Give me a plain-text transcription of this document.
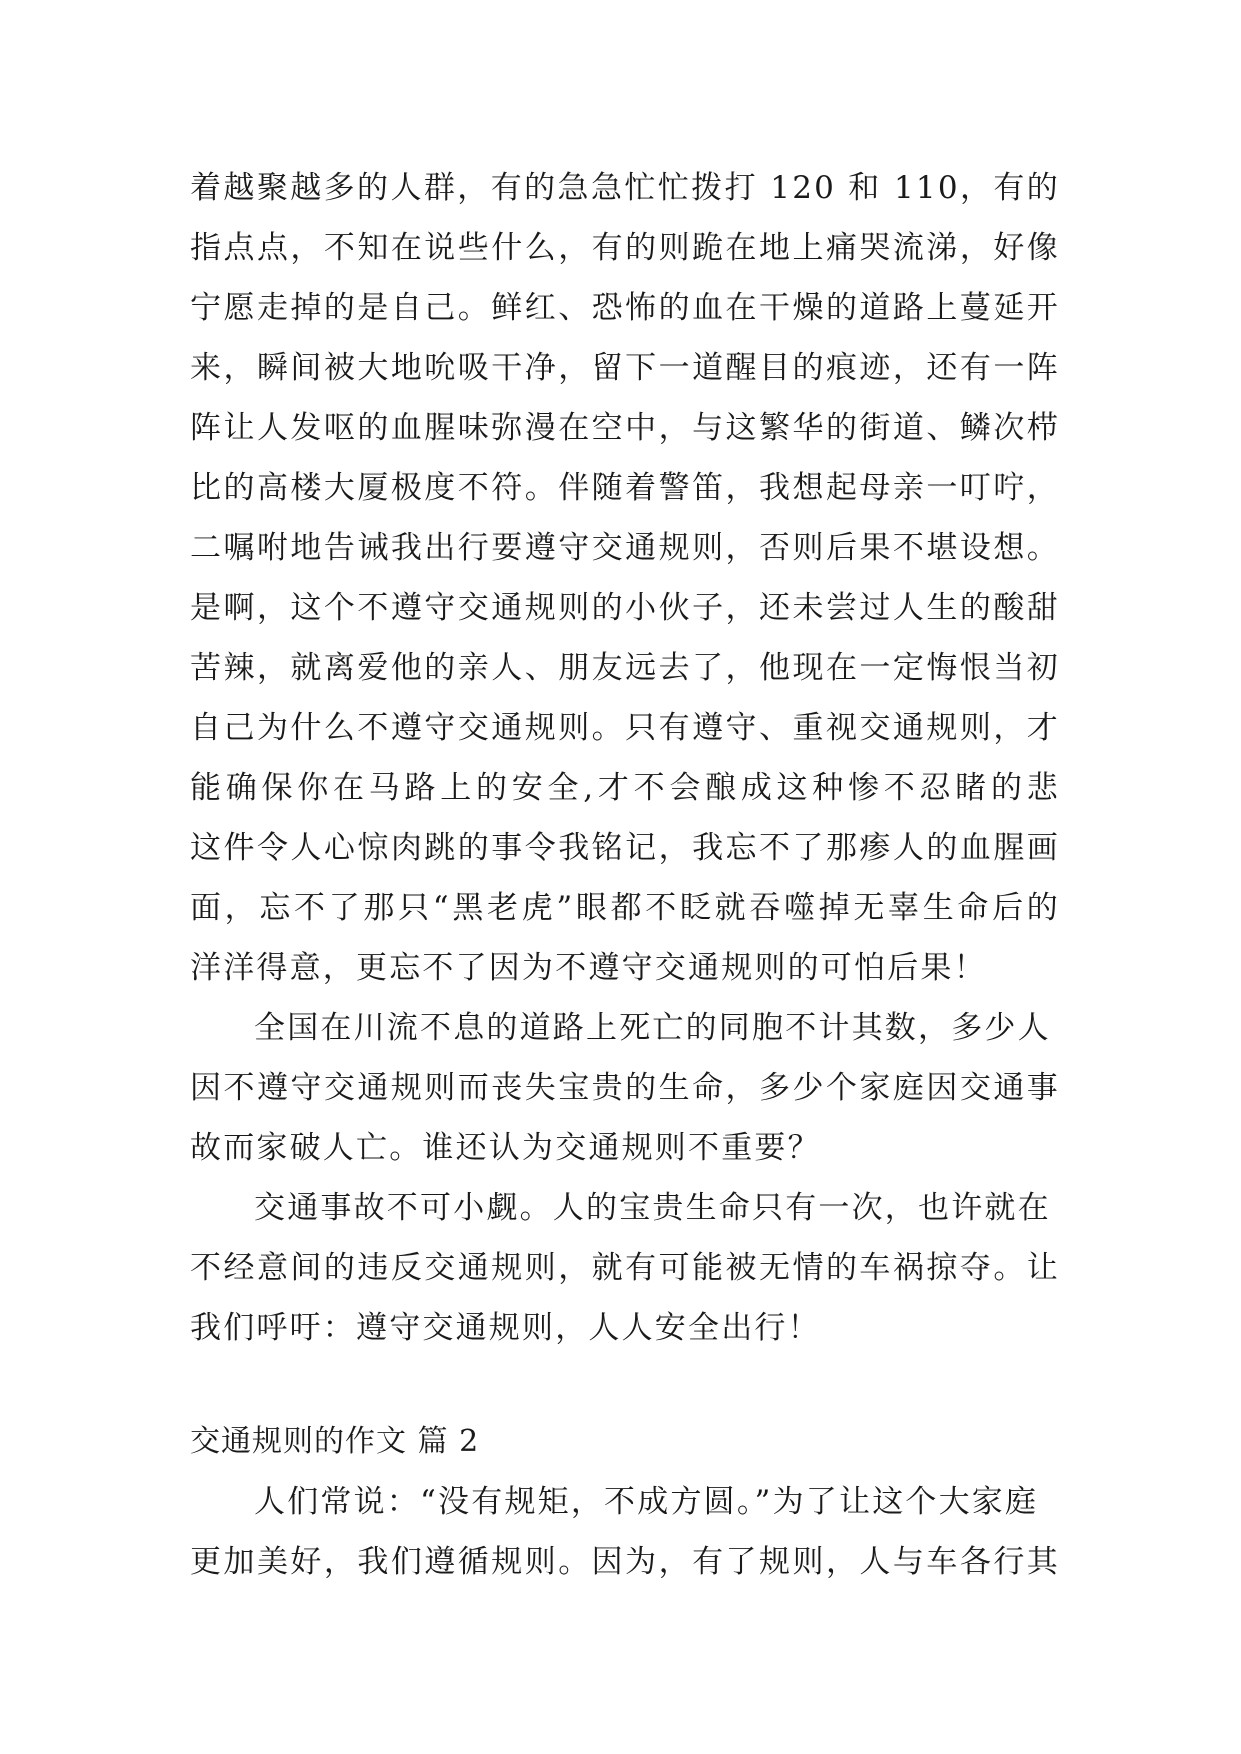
着越聚越多的人群，有的急急忙忙拨打 120 和 110，有的
指点点，不知在说些什么，有的则跪在地上痛哭流涕，好像
宁愿走掉的是自己。鲜红、恐怖的血在干燥的道路上蔓延开
来，瞬间被大地吮吸干净，留下一道醒目的痕迹，还有一阵
阵让人发呕的血腥味弥漫在空中，与这繁华的街道、鳞次栉
比的高楼大厦极度不符。伴随着警笛，我想起母亲一叮咛，
二嘱咐地告诫我出行要遵守交通规则，否则后果不堪设想。
是啊，这个不遵守交通规则的小伙子，还未尝过人生的酸甜
苦辣，就离爱他的亲人、朋友远去了，他现在一定悔恨当初
自己为什么不遵守交通规则。只有遵守、重视交通规则，才
能确保你在马路上的安全,才不会酿成这种惨不忍睹的悲
这件令人心惊肉跳的事令我铭记，我忘不了那瘆人的血腥画
面，忘不了那只“黑老虎”眼都不眨就吞噬掉无辜生命后的
洋洋得意，更忘不了因为不遵守交通规则的可怕后果！
全国在川流不息的道路上死亡的同胞不计其数，多少人
因不遵守交通规则而丧失宝贵的生命，多少个家庭因交通事
故而家破人亡。谁还认为交通规则不重要？
交通事故不可小觑。人的宝贵生命只有一次，也许就在
不经意间的违反交通规则，就有可能被无情的车祸掠夺。让
我们呼吁：遵守交通规则，人人安全出行！
交通规则的作文 篇 2
人们常说：“没有规矩，不成方圆。”为了让这个大家庭
更加美好，我们遵循规则。因为，有了规则，人与车各行其
